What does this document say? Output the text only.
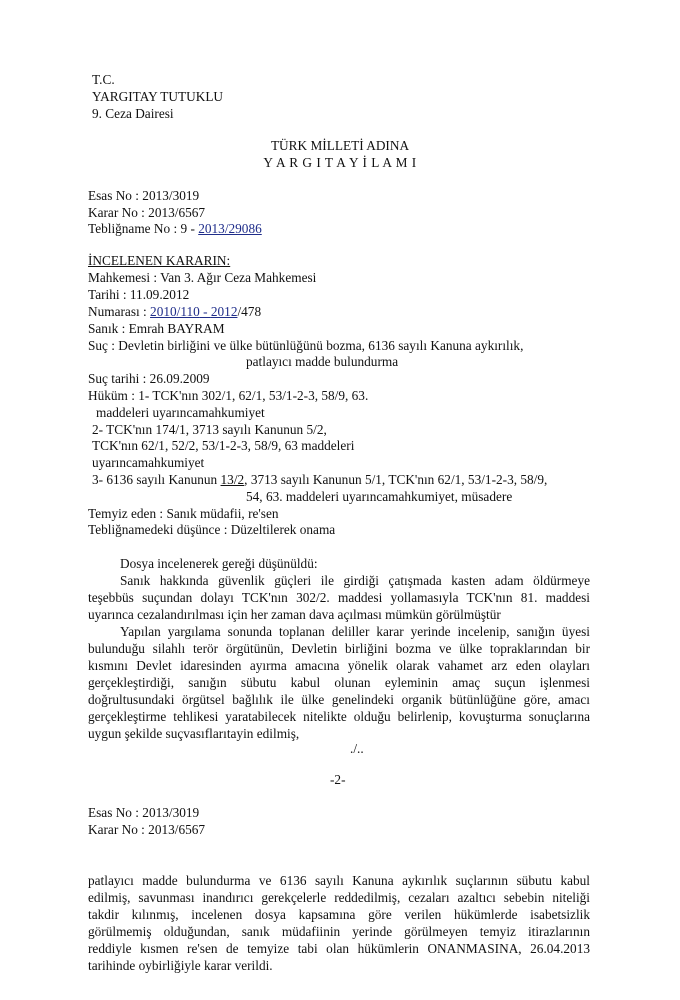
T.C.
YARGITAY TUTUKLU
9. Ceza Dairesi
TÜRK MİLLETİ ADINA
Y A R G I T A Y İ L A M I
Esas No : 2013/3019
Karar No : 2013/6567
Tebliğname No : 9 - 2013/29086
İNCELENEN KARARIN:
Mahkemesi : Van 3. Ağır Ceza Mahkemesi
Tarihi : 11.09.2012
Numarası : 2010/110 - 2012/478
Sanık : Emrah BAYRAM
Suç : Devletin birliğini ve ülke bütünlüğünü bozma, 6136 sayılı Kanuna aykırılık,
patlayıcı madde bulundurma
Suç tarihi : 26.09.2009
Hüküm : 1- TCK'nın 302/1, 62/1, 53/1-2-3, 58/9, 63.
maddeleri uyarıncamahkumiyet
2- TCK'nın 174/1, 3713 sayılı Kanunun 5/2,
TCK'nın 62/1, 52/2, 53/1-2-3, 58/9, 63 maddeleri
uyarıncamahkumiyet
3- 6136 sayılı Kanunun 13/2, 3713 sayılı Kanunun 5/1, TCK'nın 62/1, 53/1-2-3, 58/9,
54, 63. maddeleri uyarıncamahkumiyet, müsadere
Temyiz eden : Sanık müdafii, re'sen
Tebliğnamedeki düşünce : Düzeltilerek onama
Dosya incelenerek gereği düşünüldü:
Sanık hakkında güvenlik güçleri ile girdiği çatışmada kasten adam öldürmeye
teşebbüs suçundan dolayı TCK'nın 302/2. maddesi yollamasıyla TCK'nın 81. maddesi
uyarınca cezalandırılması için her zaman dava açılması mümkün görülmüştür
Yapılan yargılama sonunda toplanan deliller karar yerinde incelenip, sanığın üyesi
bulunduğu silahlı terör örgütünün, Devletin birliğini bozma ve ülke topraklarından bir
kısmını Devlet idaresinden ayırma amacına yönelik olarak vahamet arz eden olayları
gerçekleştirdiği, sanığın sübutu kabul olunan eyleminin amaç suçun işlenmesi
doğrultusundaki örgütsel bağlılık ile ülke genelindeki organik bütünlüğüne göre, amacı
gerçekleştirme tehlikesi yaratabilecek nitelikte olduğu belirlenip, kovuşturma sonuçlarına
uygun şekilde suçvasıflarıtayin edilmiş,
./..
-2-
Esas No : 2013/3019
Karar No : 2013/6567
patlayıcı madde bulundurma ve 6136 sayılı Kanuna aykırılık suçlarının sübutu kabul
edilmiş, savunması inandırıcı gerekçelerle reddedilmiş, cezaları azaltıcı sebebin niteliği
takdir kılınmış, incelenen dosya kapsamına göre verilen hükümlerde isabetsizlik
görülmemiş olduğundan, sanık müdafiinin yerinde görülmeyen temyiz itirazlarının
reddiyle kısmen re'sen de temyize tabi olan hükümlerin ONANMASINA, 26.04.2013
tarihinde oybirliğiyle karar verildi.
